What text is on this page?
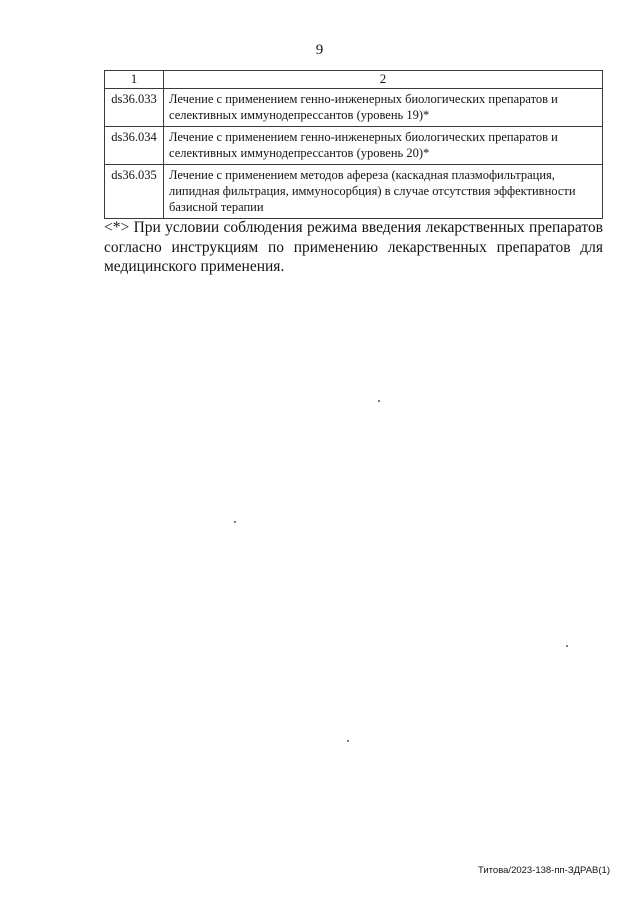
9
1	2
ds36.033	Лечение с применением генно-инженерных биологических препаратов и селективных иммунодепрессантов (уровень 19)*
ds36.034	Лечение с применением генно-инженерных биологических препаратов и селективных иммунодепрессантов (уровень 20)*
ds36.035	Лечение с применением методов афереза (каскадная плазмофильтрация, липидная фильтрация, иммуносорбция) в случае отсутствия эффективности базисной терапии
<*> При условии соблюдения режима введения лекарственных препаратов
согласно инструкциям по применению лекарственных препаратов для
медицинского применения.
Титова/2023-138-пп-ЗДРАВ(1)
